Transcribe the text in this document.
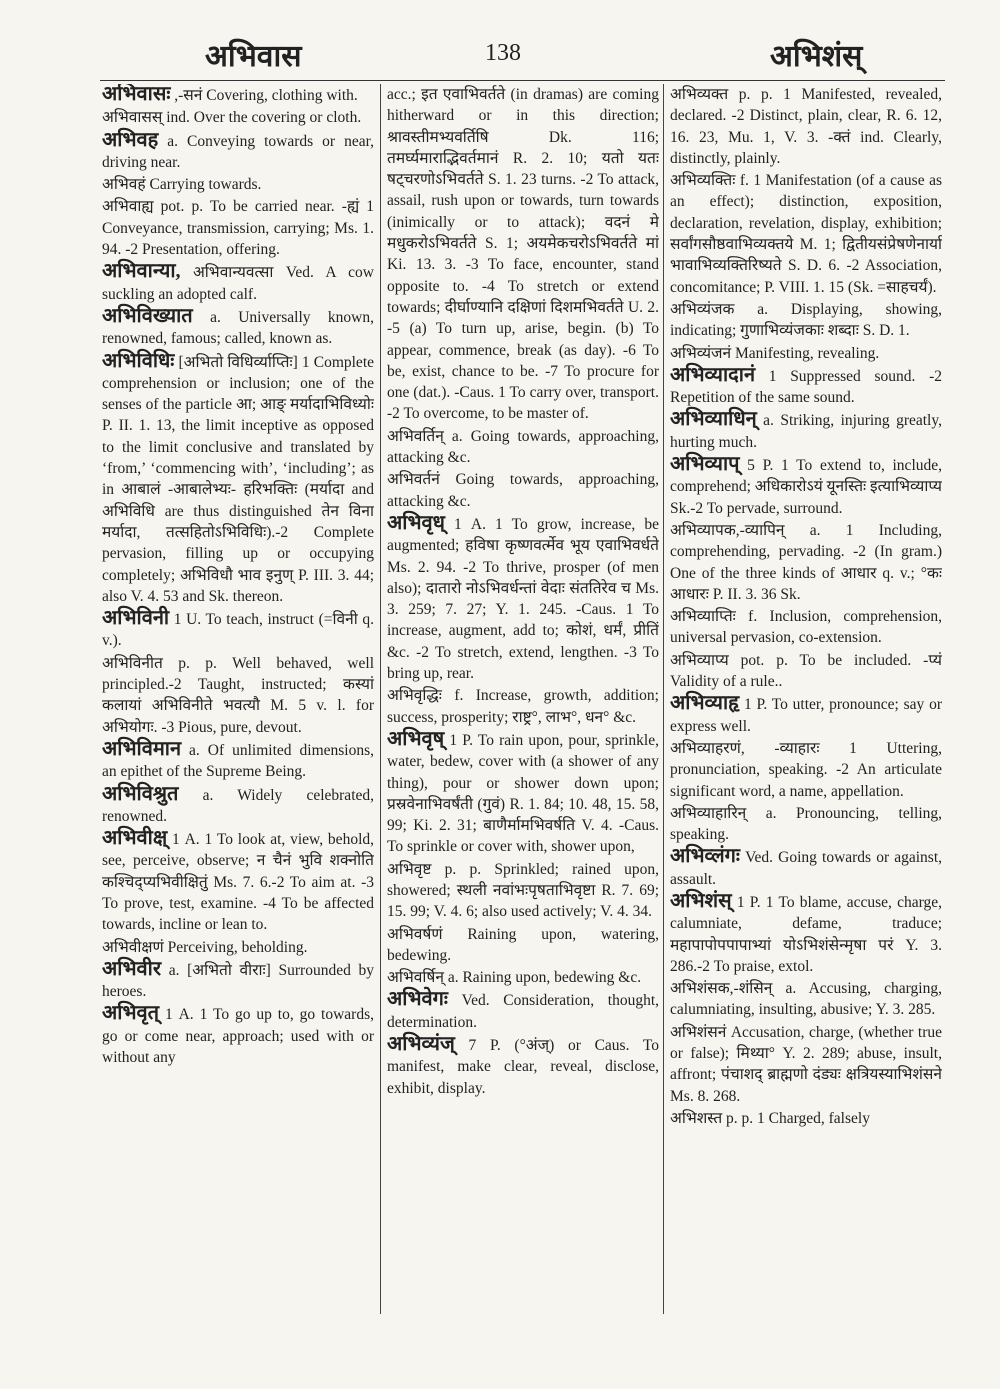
अभिवास	138	अभिशंस्

अभिवासः ,-सनं Covering, clothing with.

अभिवासस् ind. Over the covering or cloth.

अभिवह a. Conveying towards or near, driving near.

अभिवहं Carrying towards.

अभिवाह्य pot. p. To be carried near. -ह्यं 1 Conveyance, transmission, carrying; Ms. 1. 94. -2 Presentation, offering.

अभिवान्या, अभिवान्यवत्सा Ved. A cow suckling an adopted calf.

अभिविख्यात a. Universally known, renowned, famous; called, known as.

अभिविधिः [अभितो विधिर्व्याप्तिः] 1 Complete comprehension or inclusion; one of the senses of the particle आ; आङ् मर्यादाभिविध्योः P. II. 1. 13, the limit inceptive as opposed to the limit conclusive and translated by ‘from,’ ‘commencing with’, ‘including’; as in आबालं -आबालेभ्यः- हरिभक्तिः (मर्यादा and अभिविधि are thus distinguished तेन विना मर्यादा, तत्सहितोऽभिविधिः).-2 Complete pervasion, filling up or occupying completely; अभिविधौ भाव इनुण् P. III. 3. 44; also V. 4. 53 and Sk. thereon.

अभिविनी 1 U. To teach, instruct (=विनी q. v.).

अभिविनीत p. p. Well behaved, well principled.-2 Taught, instructed; कस्यां कलायां अभिविनीते भवत्यौ M. 5 v. l. for अभियोगः. -3 Pious, pure, devout.

अभिविमान a. Of unlimited dimensions, an epithet of the Supreme Being.

अभिविश्रुत a. Widely celebrated, renowned.

अभिवीक्ष् 1 A. 1 To look at, view, behold, see, perceive, observe; न चैनं भुवि शक्नोति कश्चिद्प्यभिवीक्षितुं Ms. 7. 6.-2 To aim at. -3 To prove, test, examine. -4 To be affected towards, incline or lean to.

अभिवीक्षणं Perceiving, beholding.

अभिवीर a. [अभितो वीराः] Surrounded by heroes.

अभिवृत् 1 A. 1 To go up to, go towards, go or come near, approach; used with or without any

acc.; इत एवाभिवर्तते (in dramas) are coming hitherward or in this direction; श्रावस्तीमभ्यवर्तिषि Dk. 116; तमर्घ्यमाराद्भिवर्तमानं R. 2. 10; यतो यतः षट्चरणोऽभिवर्तते S. 1. 23 turns. -2 To attack, assail, rush upon or towards, turn towards (inimically or to attack); वदनं मे मधुकरोऽभिवर्तते S. 1; अयमेकचरोऽभिवर्तते मां Ki. 13. 3. -3 To face, encounter, stand opposite to. -4 To stretch or extend towards; दीर्घाण्यानि दक्षिणां दिशमभिवर्तते U. 2. -5 (a) To turn up, arise, begin. (b) To appear, commence, break (as day). -6 To be, exist, chance to be. -7 To procure for one (dat.). -Caus. 1 To carry over, transport. -2 To overcome, to be master of.

अभिवर्तिन् a. Going towards, approaching, attacking &c.

अभिवर्तनं Going towards, approaching, attacking &c.

अभिवृध् 1 A. 1 To grow, increase, be augmented; हविषा कृष्णवर्त्मेव भूय एवाभिवर्धते Ms. 2. 94. -2 To thrive, prosper (of men also); दातारो नोऽभिवर्धन्तां वेदाः संततिरेव च Ms. 3. 259; 7. 27; Y. 1. 245. -Caus. 1 To increase, augment, add to; कोशं, धर्मं, प्रीतिं &c. -2 To stretch, extend, lengthen. -3 To bring up, rear.

अभिवृद्धिः f. Increase, growth, addition; success, prosperity; राष्ट्र°, लाभ°, धन° &c.

अभिवृष् 1 P. To rain upon, pour, sprinkle, water, bedew, cover with (a shower of any thing), pour or shower down upon; प्रस्रवेनाभिवर्षंती (गुवं) R. 1. 84; 10. 48, 15. 58, 99; Ki. 2. 31; बाणैर्मामभिवर्षति V. 4. -Caus. To sprinkle or cover with, shower upon,

अभिवृष्ट p. p. Sprinkled; rained upon, showered; स्थली नवांभःपृषताभिवृष्टा R. 7. 69; 15. 99; V. 4. 6; also used actively; V. 4. 34.

अभिवर्षणं Raining upon, watering, bedewing.

अभिवर्षिन् a. Raining upon, bedewing &c.

अभिवेगः Ved. Consideration, thought, determination.

अभिव्यंज् 7 P. (°अंज्) or Caus. To manifest, make clear, reveal, disclose, exhibit, display.

अभिव्यक्त p. p. 1 Manifested, revealed, declared. -2 Distinct, plain, clear, R. 6. 12, 16. 23, Mu. 1, V. 3. -क्तं ind. Clearly, distinctly, plainly.

अभिव्यक्तिः f. 1 Manifestation (of a cause as an effect); distinction, exposition, declaration, revelation, display, exhibition; सर्वांगसौष्ठवाभिव्यक्तये M. 1; द्वितीयसंप्रेषणेनार्या भावाभिव्यक्तिरिष्यते S. D. 6. -2 Association, concomitance; P. VIII. 1. 15 (Sk. =साहचर्यं).

अभिव्यंजक a. Displaying, showing, indicating; गुणाभिव्यंजकाः शब्दाः S. D. 1.

अभिव्यंजनं Manifesting, revealing.

अभिव्यादानं 1 Suppressed sound. -2 Repetition of the same sound.

अभिव्याधिन् a. Striking, injuring greatly, hurting much.

अभिव्याप् 5 P. 1 To extend to, include, comprehend; अधिकारोऽयं यूनस्तिः इत्याभिव्याप्य Sk.-2 To pervade, surround.

अभिव्यापक,-व्यापिन् a. 1 Including, comprehending, pervading. -2 (In gram.) One of the three kinds of आधार q. v.; °कः आधारः P. II. 3. 36 Sk.

अभिव्याप्तिः f. Inclusion, comprehension, universal pervasion, co-extension.

अभिव्याप्य pot. p. To be included. -प्यं Validity of a rule..

अभिव्याहृ 1 P. To utter, pronounce; say or express well.

अभिव्याहरणं, -व्याहारः 1 Uttering, pronunciation, speaking. -2 An articulate significant word, a name, appellation.

अभिव्याहारिन् a. Pronouncing, telling, speaking.

अभिव्लंगः Ved. Going towards or against, assault.

अभिशंस् 1 P. 1 To blame, accuse, charge, calumniate, defame, traduce; महापापोपपापाभ्यां योऽभिशंसेन्मृषा परं Y. 3. 286.-2 To praise, extol.

अभिशंसक,-शंसिन् a. Accusing, charging, calumniating, insulting, abusive; Y. 3. 285.

अभिशंसनं Accusation, charge, (whether true or false); मिथ्या° Y. 2. 289; abuse, insult, affront; पंचाशद् ब्राह्मणो दंड्यः क्षत्रियस्याभिशंसने Ms. 8. 268.

अभिशस्त p. p. 1 Charged, falsely
